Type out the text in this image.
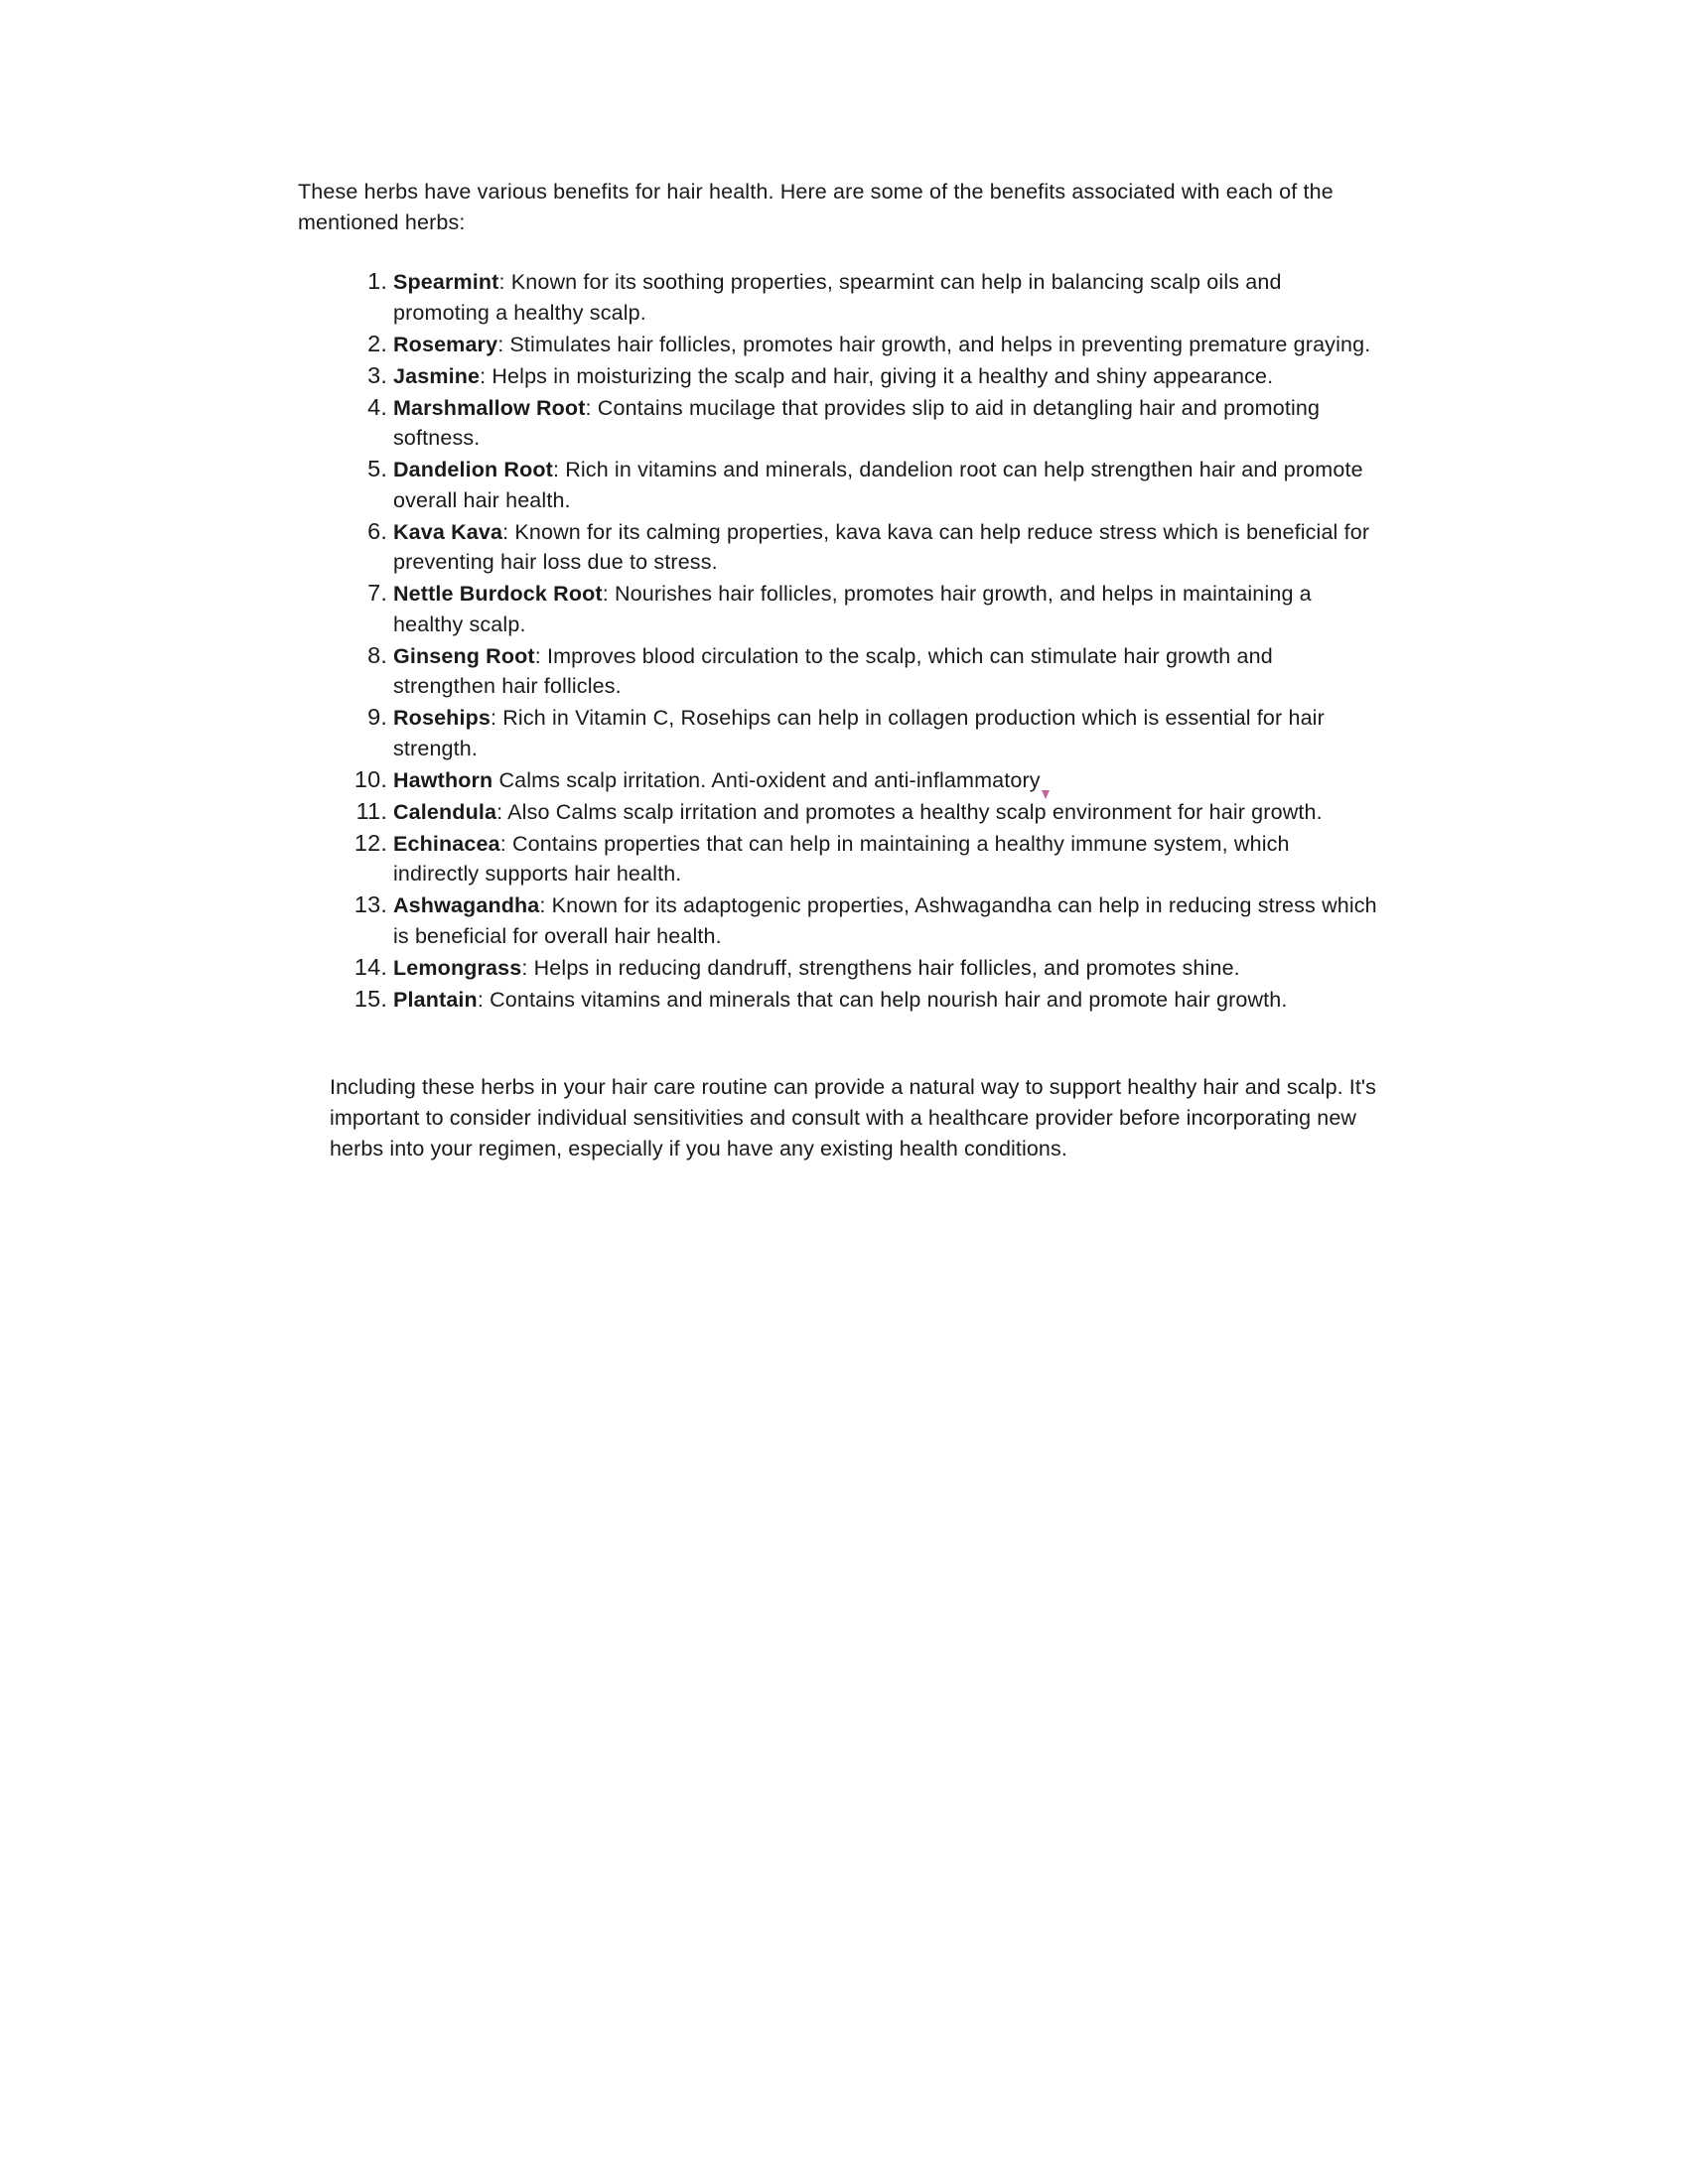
These herbs have various benefits for hair health. Here are some of the benefits associated with each of the mentioned herbs:

Spearmint: Known for its soothing properties, spearmint can help in balancing scalp oils and promoting a healthy scalp.
Rosemary: Stimulates hair follicles, promotes hair growth, and helps in preventing premature graying.
Jasmine: Helps in moisturizing the scalp and hair, giving it a healthy and shiny appearance.
Marshmallow Root: Contains mucilage that provides slip to aid in detangling hair and promoting softness.
Dandelion Root: Rich in vitamins and minerals, dandelion root can help strengthen hair and promote overall hair health.
Kava Kava: Known for its calming properties, kava kava can help reduce stress which is beneficial for preventing hair loss due to stress.
Nettle Burdock Root: Nourishes hair follicles, promotes hair growth, and helps in maintaining a healthy scalp.
Ginseng Root: Improves blood circulation to the scalp, which can stimulate hair growth and strengthen hair follicles.
Rosehips: Rich in Vitamin C, Rosehips can help in collagen production which is essential for hair strength.
Hawthorn Calms scalp irritation. Anti-oxident and anti-inflammatory
Calendula: Also Calms scalp irritation and promotes a healthy scalp environment for hair growth.
Echinacea: Contains properties that can help in maintaining a healthy immune system, which indirectly supports hair health.
Ashwagandha: Known for its adaptogenic properties, Ashwagandha can help in reducing stress which is beneficial for overall hair health.
Lemongrass: Helps in reducing dandruff, strengthens hair follicles, and promotes shine.
Plantain: Contains vitamins and minerals that can help nourish hair and promote hair growth.

Including these herbs in your hair care routine can provide a natural way to support healthy hair and scalp. It's important to consider individual sensitivities and consult with a healthcare provider before incorporating new herbs into your regimen, especially if you have any existing health conditions.
